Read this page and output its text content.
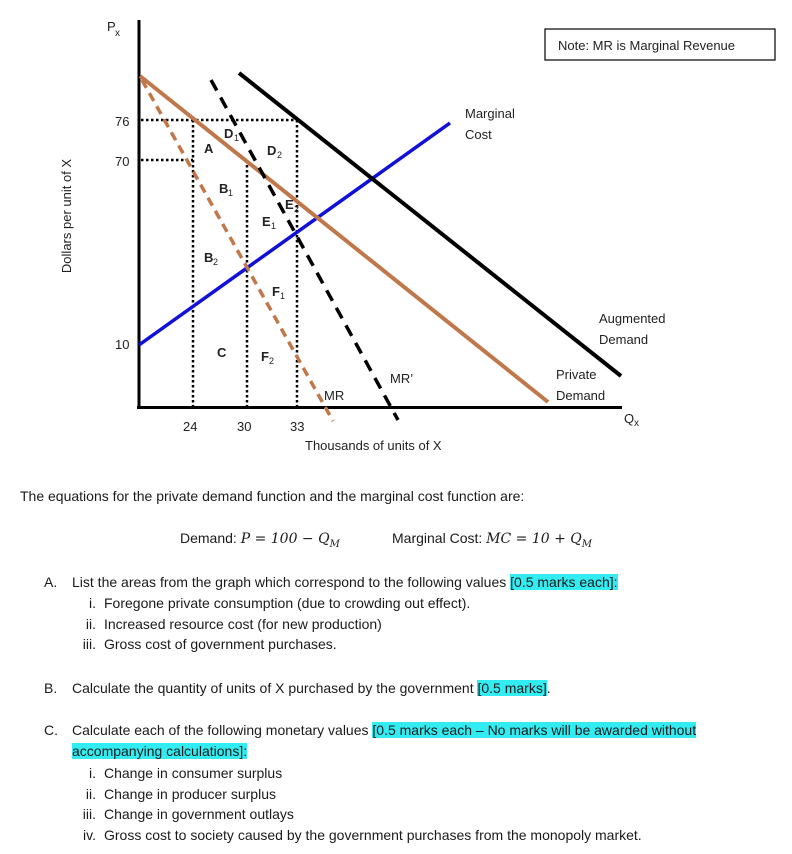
Note: MR is Marginal Revenue
P x
Q x
Dollars per unit of X
Thousands of units of X
76
70
10
24	30	33
Marginal
Cost
Augmented
Demand
Private
Demand
MR
MR’
A
B 1
B 2
C
D 1
D 2
E 1
E 2
F 1
F 2
The equations for the private demand function and the marginal cost function are:
Demand: $P = 100 - Q_M$	Marginal Cost: MC = $10 + Q_M$
A. List the areas from the graph which correspond to the following values [0.5 marks each]:
i. Foregone private consumption (due to crowding out effect).
ii. Increased resource cost (for new production)
iii. Gross cost of government purchases.
B. Calculate the quantity of units of X purchased by the government [0.5 marks].
C. Calculate each of the following monetary values [0.5 marks each – No marks will be awarded without
accompanying calculations]:
i. Change in consumer surplus
ii. Change in producer surplus
iii. Change in government outlays
iv. Gross cost to society caused by the government purchases from the monopoly market.
